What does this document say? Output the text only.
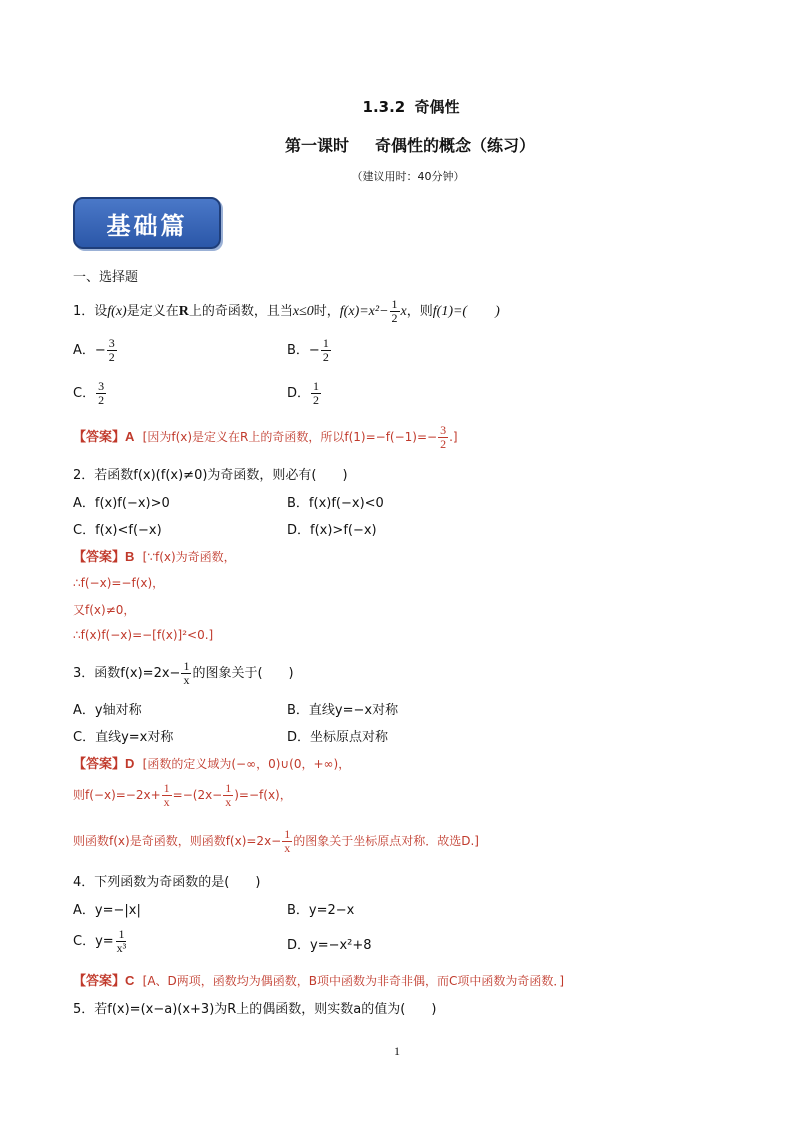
1.3.2 奇偶性
第一课时 奇偶性的概念（练习）
（建议用时：40分钟）
基础篇
一、选择题
1．设f(x)是定义在R上的奇函数，且当x≤0时，$f(x)=x^2- \frac{1}{2}$ x，则f(1)=(　　)
A．− $\frac{3}{2}$	B．− $\frac{1}{2}$
C． $\frac{3}{2}$	D． $\frac{1}{2}$
【答案】A [因为f(x)是定义在R上的奇函数，所以$f(1)=-f(-1)=- \frac{3}{2}$ .]
2．若函数f(x)(f(x)≠0)为奇函数，则必有(　　)
A．f(x)f(−x)>0	B．f(x)f(−x)<0
C．f(x)<f(−x)	D．f(x)>f(−x)
【答案】B [∵f(x)为奇函数，
∴f(−x)=−f(x)，
又f(x)≠0，
∴f(x)f(−x)=−[f(x)]²<0.]
3．函数$f(x)=2x- \frac{1}{x}$ 的图象关于(　　)
A．y轴对称	B．直线y=−x对称
C．直线y=x对称	D．坐标原点对称
【答案】D [函数的定义域为(−∞，0)∪(0，+∞)，
则$f(-x)=-2x+ \frac{1}{x} =-(2x- \frac{1}{x} )=-f(x)$，
则函数f(x)是奇函数，则函数$f(x)=2x- \frac{1}{x}$ 的图象关于坐标原点对称．故选D.]
4．下列函数为奇函数的是(　　)
A．y=−|x|	B．y=2−x
C．$y= \frac{1}{\text{x³}}$	D．y=−x²+8
【答案】C [A、D两项，函数均为偶函数，B项中函数为非奇非偶，而C项中函数为奇函数．]
5．若f(x)=(x−a)(x+3)为R上的偶函数，则实数a的值为(　　)
1
